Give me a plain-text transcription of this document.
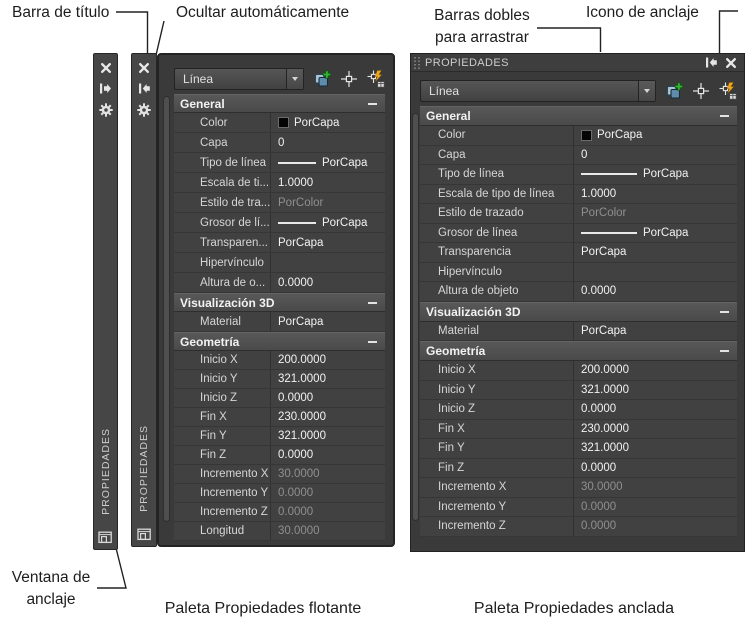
Barra de título	Ocultar automáticamente	Barras dobles
para arrastrar
Icono de anclaje
Ventana de
anclaje
Paleta Propiedades flotante	Paleta Propiedades anclada
PROPIEDADES	PROPIEDADES
Línea
General
Color	PorCapa
Capa	0
Tipo de línea	PorCapa
Escala de ti... 1.0000
Estilo de tra... PorColor
Grosor de lí...	PorCapa
Transparen... PorCapa
Hipervínculo
Altura de o...	0.0000
Visualización 3D
Material	PorCapa
Geometría
Inicio X	200.0000
Inicio Y	321.0000
Inicio Z	0.0000
Fin X	230.0000
Fin Y	321.0000
Fin Z	0.0000
Incremento X 30.0000
Incremento Y 0.0000
Incremento Z 0.0000
Longitud	30.0000
PROPIEDADES
Línea
General
Color	PorCapa
Capa	0
Tipo de línea	PorCapa
Escala de tipo de línea	1.0000
Estilo de trazado	PorColor
Grosor de línea	PorCapa
Transparencia	PorCapa
Hipervínculo
Altura de objeto	0.0000
Visualización 3D
Material	PorCapa
Geometría
Inicio X	200.0000
Inicio Y	321.0000
Inicio Z	0.0000
Fin X	230.0000
Fin Y	321.0000
Fin Z	0.0000
Incremento X	30.0000
Incremento Y	0.0000
Incremento Z	0.0000
